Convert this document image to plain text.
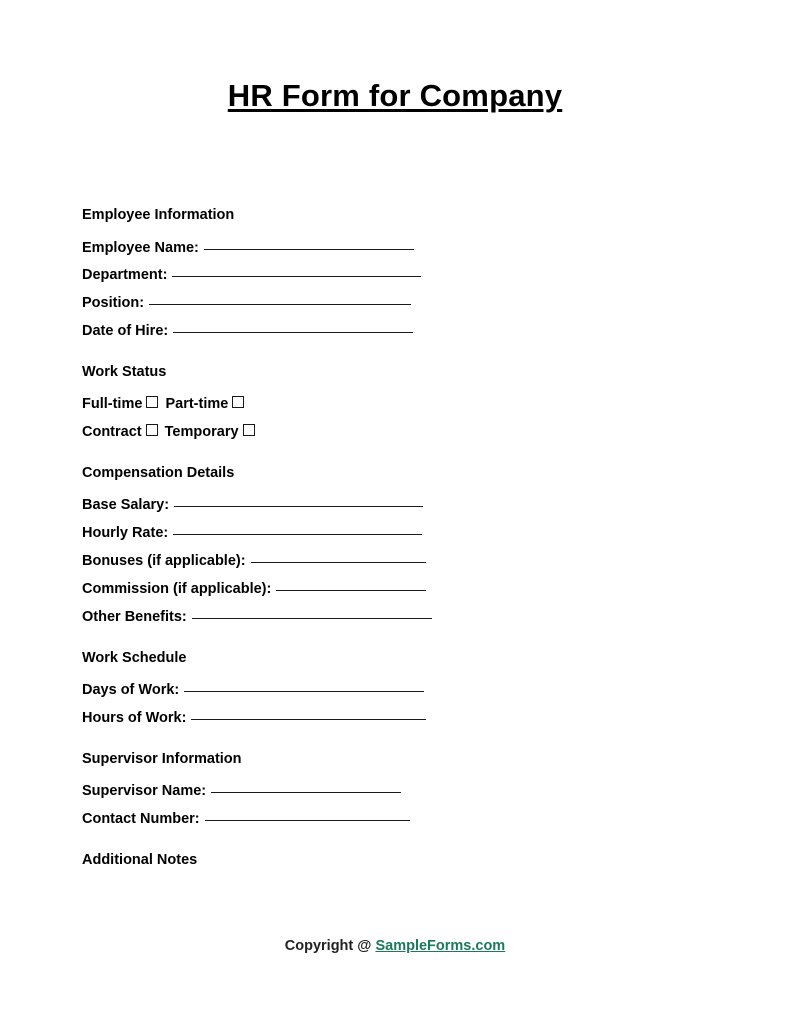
HR Form for Company
Employee Information
Employee Name:
Department:
Position:
Date of Hire:
Work Status
Full-time Part-time
Contract Temporary
Compensation Details
Base Salary:
Hourly Rate:
Bonuses (if applicable):
Commission (if applicable):
Other Benefits:
Work Schedule
Days of Work:
Hours of Work:
Supervisor Information
Supervisor Name:
Contact Number:
Additional Notes
Copyright @ SampleForms.com
